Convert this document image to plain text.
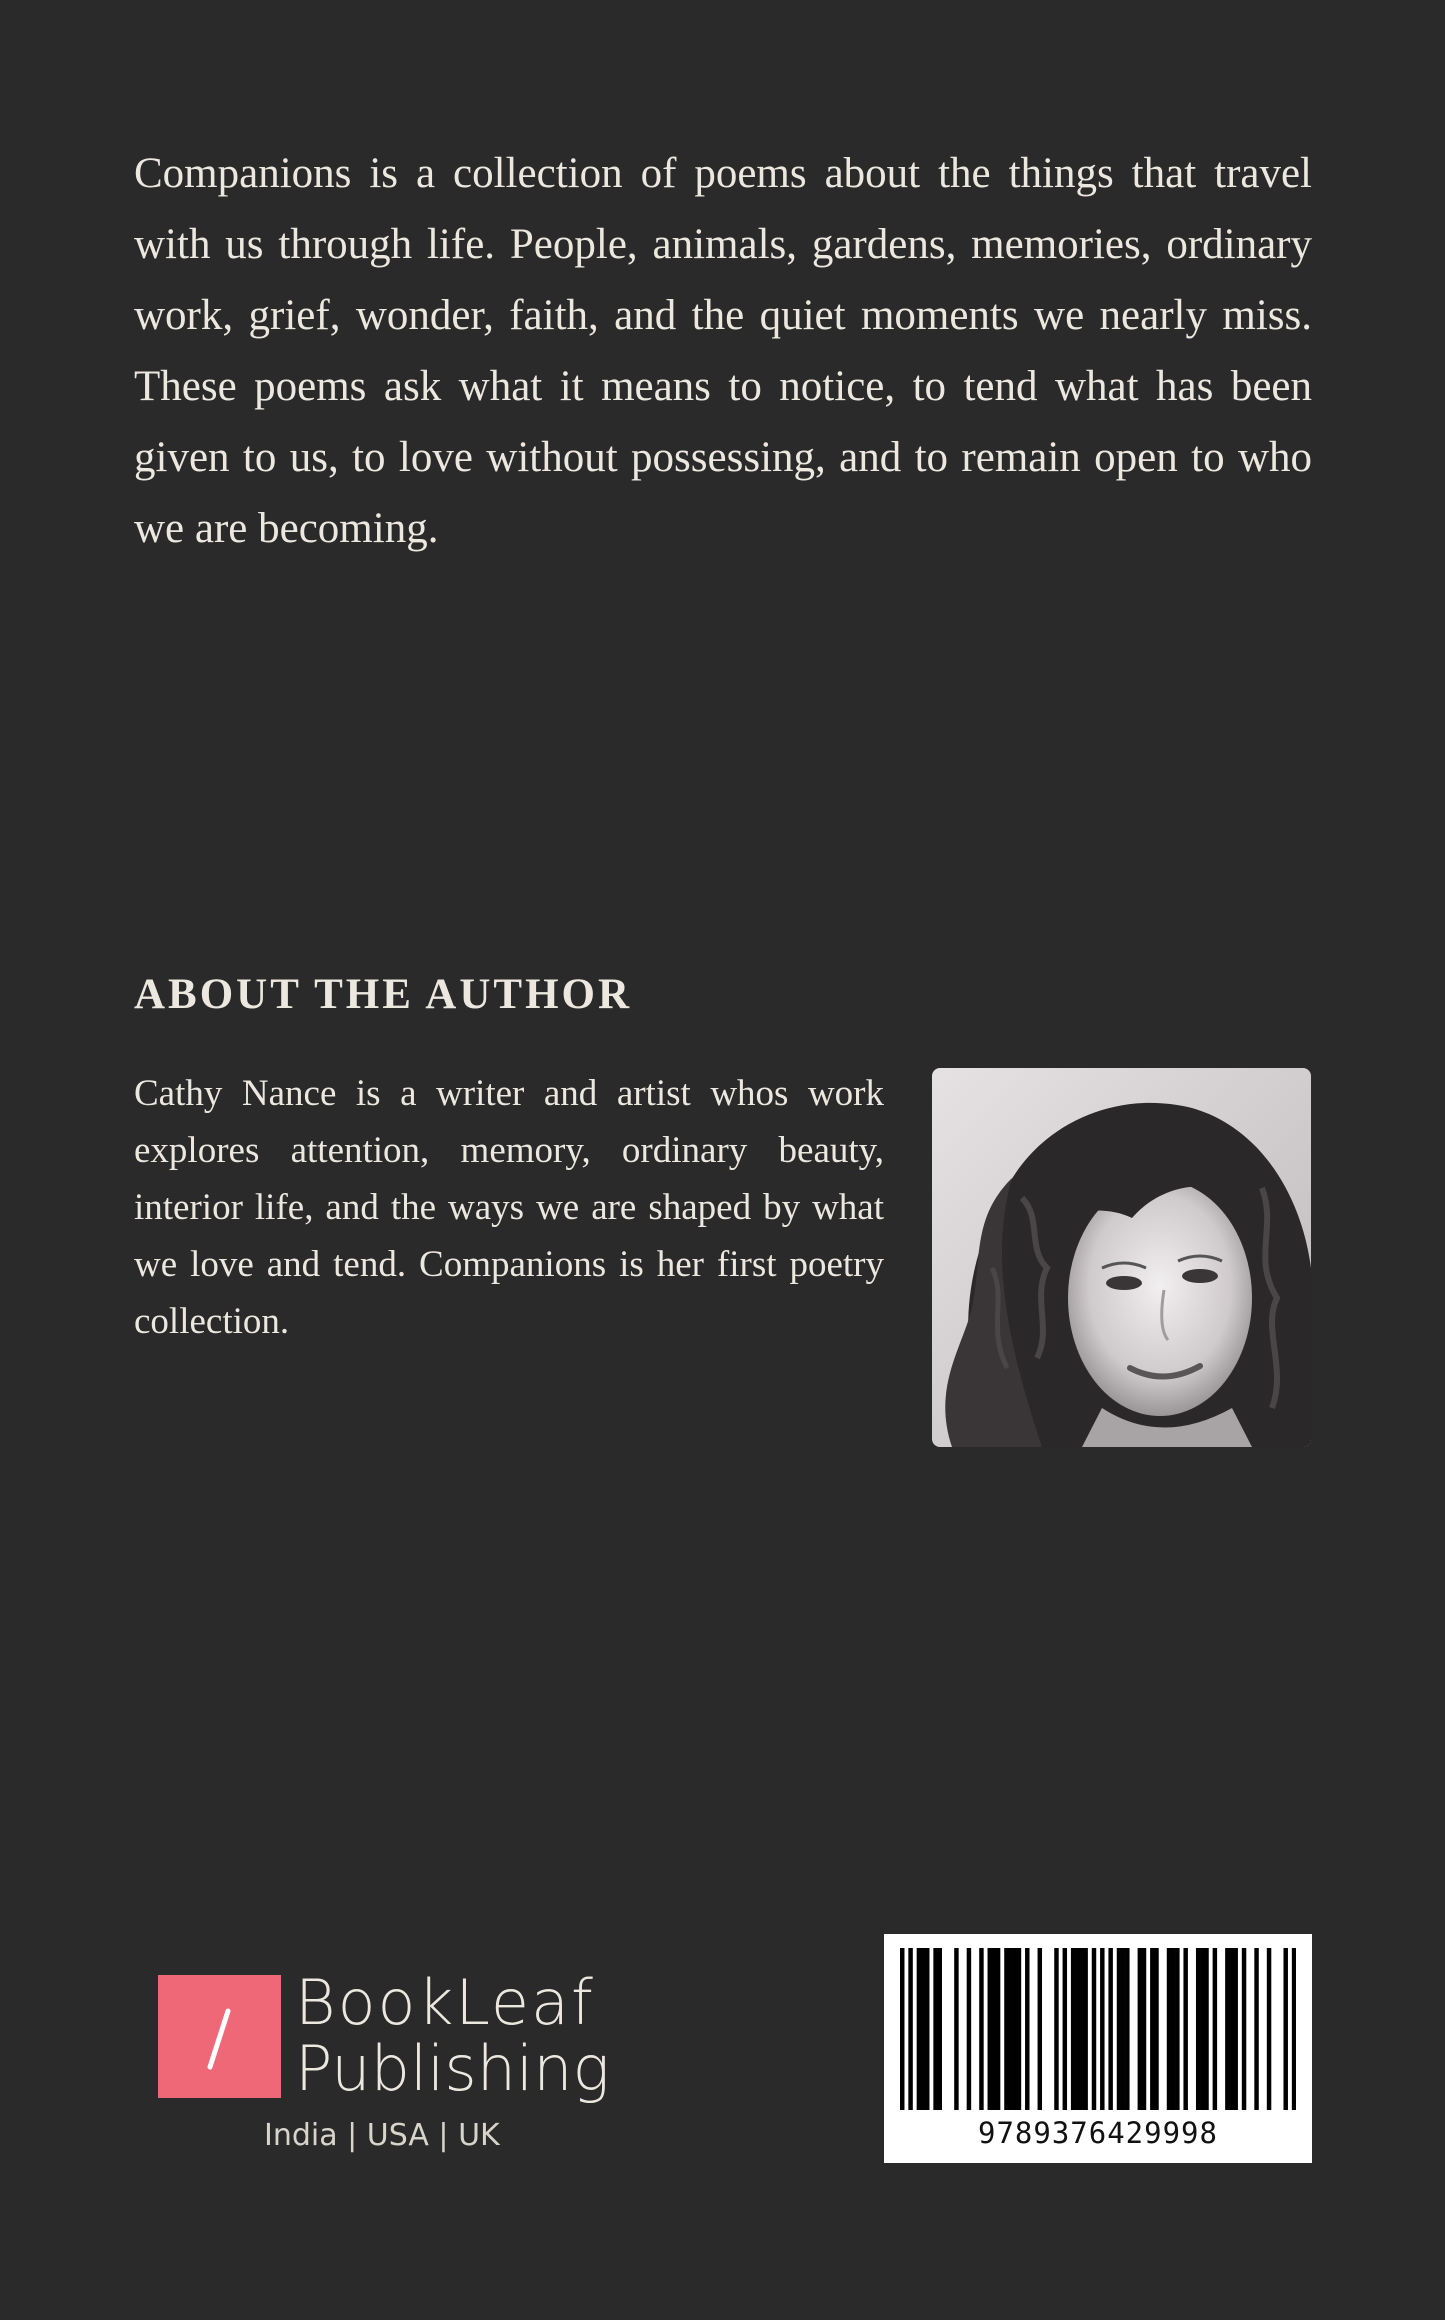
Companions is a collection of poems about the things that travel with us through life. People, animals, gardens, memories, ordinary work, grief, wonder, faith, and the quiet moments we nearly miss. These poems ask what it means to notice, to tend what has been given to us, to love without possessing, and to remain open to who we are becoming.

ABOUT THE AUTHOR

Cathy Nance is a writer and artist whos work explores attention, memory, ordinary beauty, interior life, and the ways we are shaped by what we love and tend. Companions is her first poetry collection.

BookLeaf
Publishing
India | USA | UK	9789376429998
